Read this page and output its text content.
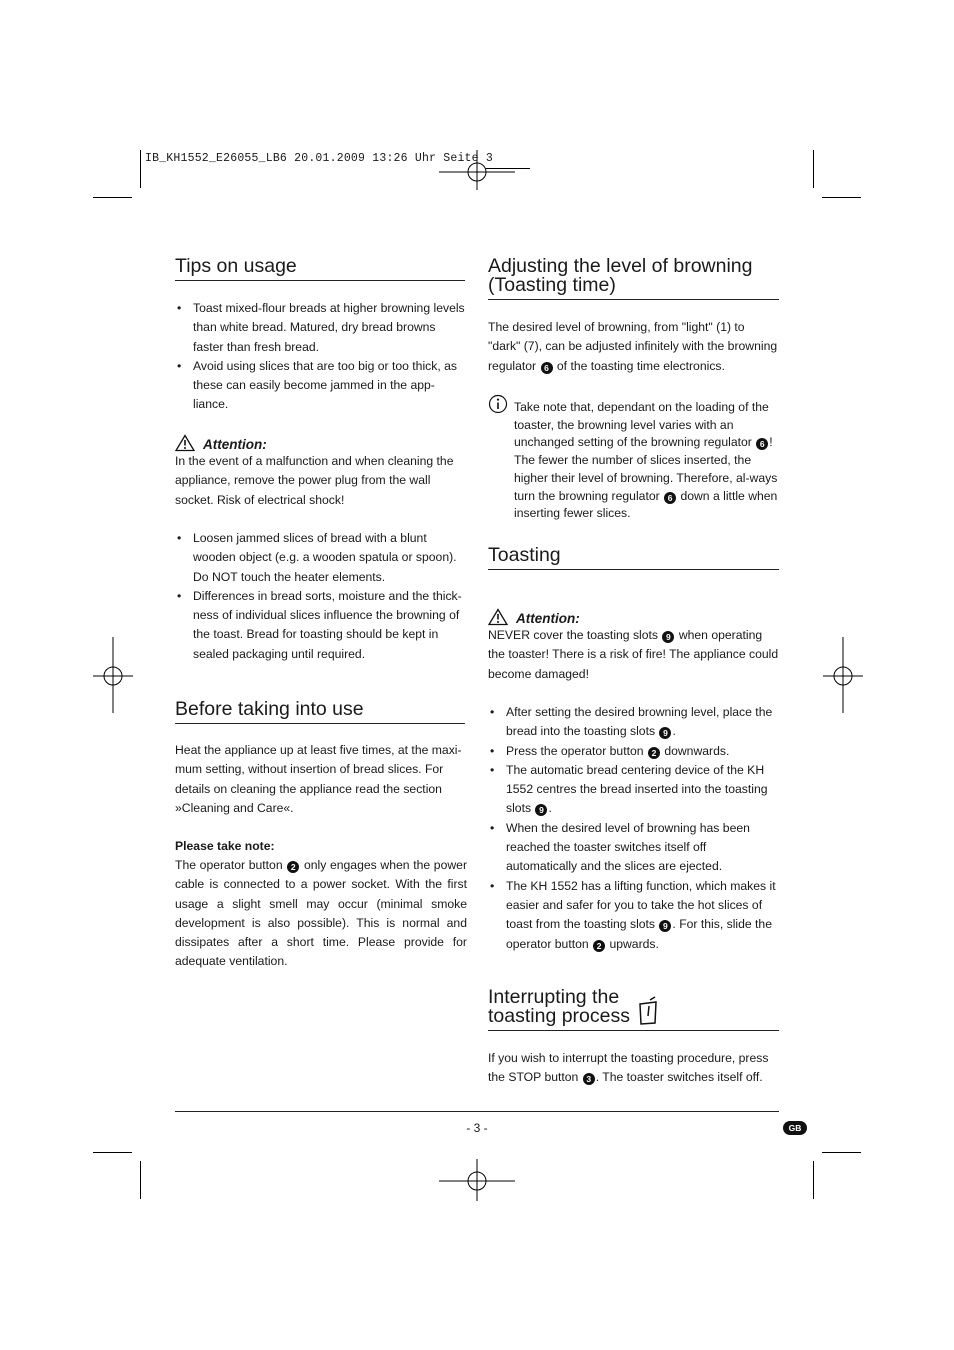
IB_KH1552_E26055_LB6 20.01.2009 13:26 Uhr Seite 3
Tips on usage
• Toast mixed-flour breads at higher browning levels than white bread. Matured, dry bread browns faster than fresh bread.
• Avoid using slices that are too big or too thick, as these can easily become jammed in the app-liance.
Attention:

In the event of a malfunction and when cleaning the appliance, remove the power plug from the wall socket. Risk of electrical shock!

• Loosen jammed slices of bread with a blunt wooden object (e.g. a wooden spatula or spoon). Do NOT touch the heater elements.
• Differences in bread sorts, moisture and the thick-ness of individual slices influence the browning of the toast. Bread for toasting should be kept in sealed packaging until required.
Before taking into use

Heat the appliance up at least five times, at the maxi-mum setting, without insertion of bread slices. For details on cleaning the appliance read the section »Cleaning and Care«.

Please take note:

The operator button 2 only engages when the power cable is connected to a power socket. With the first usage a slight smell may occur (minimal smoke development is also possible). This is normal and dissipates after a short time. Please provide for adequate ventilation.

Adjusting the level of browning
(Toasting time)

The desired level of browning, from "light" (1) to "dark" (7), can be adjusted infinitely with the browning regulator 6 of the toasting time electronics.

Take note that, dependant on the loading of the toaster, the browning level varies with an unchanged setting of the browning regulator 6 ! The fewer the number of slices inserted, the higher their level of browning. Therefore, al-ways turn the browning regulator 6 down a little when inserting fewer slices.

Toasting
Attention:

NEVER cover the toasting slots 9 when operating the toaster! There is a risk of fire! The appliance could become damaged!

• After setting the desired browning level, place the bread into the toasting slots 9 .
• Press the operator button 2 downwards.
• The automatic bread centering device of the KH 1552 centres the bread inserted into the toasting slots 9 .
• When the desired level of browning has been reached the toaster switches itself off automatically and the slices are ejected.
• The KH 1552 has a lifting function, which makes it easier and safer for you to take the hot slices of toast from the toasting slots 9 . For this, slide the operator button 2 upwards.
Interrupting the
toasting process

If you wish to interrupt the toasting procedure, press the STOP button 3 . The toaster switches itself off.

- 3 -	GB
